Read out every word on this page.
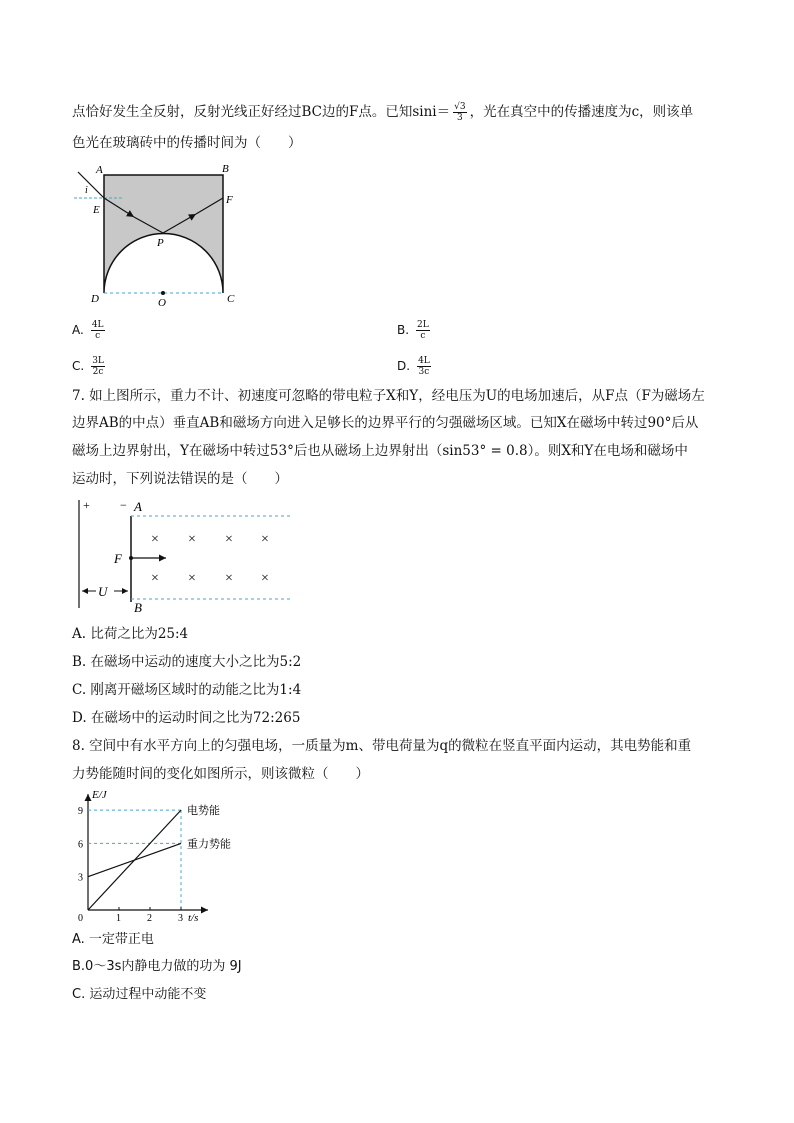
点恰好发生全反射，反射光线正好经过BC边的F点。已知$\sin i= \frac{√3}{3}$ ，光在真空中的传播速度为c，则该单
色光在玻璃砖中的传播时间为（　　）
A	B
i
E
F
P
D	O	C
A. $\frac{4L}{c}$	B. $\frac{2L}{c}$
C. $\frac{3L}{2c}$	D. $\frac{4L}{3c}$
7. 如上图所示，重力不计、初速度可忽略的带电粒子X和Y，经电压为U的电场加速后，从F点（F为磁场左
边界AB的中点）垂直AB和磁场方向进入足够长的边界平行的匀强磁场区域。已知X在磁场中转过90°后从
磁场上边界射出，Y在磁场中转过53°后也从磁场上边界射出（sin53° = 0.8）。则X和Y在电场和磁场中
运动时，下列说法错误的是（　　）
+	− A
B
F
U
× × × ×
× × × ×
A. 比荷之比为25:4
B. 在磁场中运动的速度大小之比为5:2
C. 刚离开磁场区域时的动能之比为1:4
D. 在磁场中的运动时间之比为72:265
8. 空间中有水平方向上的匀强电场，一质量为m、带电荷量为q的微粒在竖直平面内运动，其电势能和重
力势能随时间的变化如图所示，则该微粒（　　）
E/J
t/s
电势能
重力势能
0	1	2	3
3
6
9
A. 一定带正电
B.0～3s内静电力做的功为 9J
C. 运动过程中动能不变
